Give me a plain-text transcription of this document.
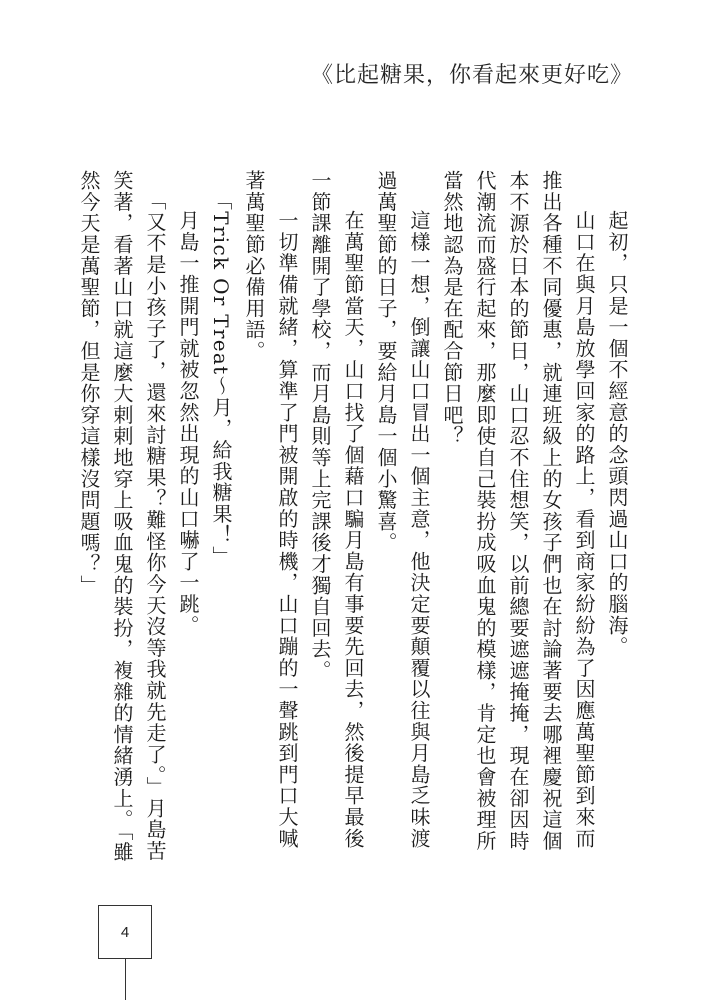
《比起糖果，你看起來更好吃》

起初，只是一個不經意的念頭閃過山口的腦海。

山口在與月島放學回家的路上，看到商家紛紛為了因應萬聖節到來而推出各種不同優惠，就連班級上的女孩子們也在討論著要去哪裡慶祝這個本不源於日本的節日，山口忍不住想笑，以前總要遮遮掩掩，現在卻因時代潮流而盛行起來，那麼即使自己裝扮成吸血鬼的模樣，肯定也會被理所當然地認為是在配合節日吧？

這樣一想，倒讓山口冒出一個主意，他決定要顛覆以往與月島乏味渡過萬聖節的日子，要給月島一個小驚喜。

在萬聖節當天，山口找了個藉口騙月島有事要先回去，然後提早最後一節課離開了學校，而月島則等上完課後才獨自回去。

一切準備就緒，算準了門被開啟的時機，山口蹦的一聲跳到門口大喊著萬聖節必備用語。

「Trick Or Treat～月，給我糖果！」

月島一推開門就被忽然出現的山口嚇了一跳。

「又不是小孩子了，還來討糖果？難怪你今天沒等我就先走了。」月島苦笑著，看著山口就這麼大剌剌地穿上吸血鬼的裝扮，複雜的情緒湧上。「雖然今天是萬聖節，但是你穿這樣沒問題嗎？」

4
